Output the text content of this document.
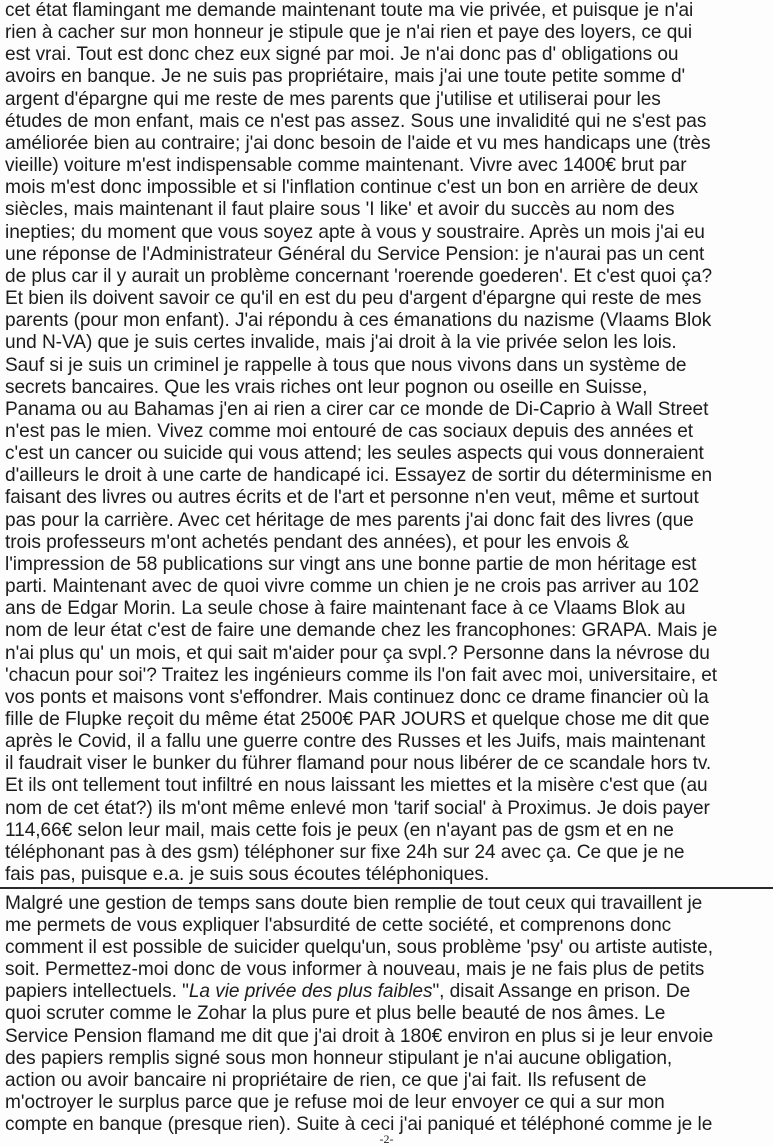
cet état flamingant me demande maintenant toute ma vie privée, et puisque je n'ai
rien à cacher sur mon honneur je stipule que je n'ai rien et paye des loyers, ce qui
est vrai. Tout est donc chez eux signé par moi. Je n'ai donc pas d' obligations ou
avoirs en banque. Je ne suis pas propriétaire, mais j'ai une toute petite somme d'
argent d'épargne qui me reste de mes parents que j'utilise et utiliserai pour les
études de mon enfant, mais ce n'est pas assez. Sous une invalidité qui ne s'est pas
améliorée bien au contraire; j'ai donc besoin de l'aide et vu mes handicaps une (très
vieille) voiture m'est indispensable comme maintenant. Vivre avec 1400€ brut par
mois m'est donc impossible et si l'inflation continue c'est un bon en arrière de deux
siècles, mais maintenant il faut plaire sous 'I like' et avoir du succès au nom des
inepties; du moment que vous soyez apte à vous y soustraire. Après un mois j'ai eu
une réponse de l'Administrateur Général du Service Pension: je n'aurai pas un cent
de plus car il y aurait un problème concernant 'roerende goederen'. Et c'est quoi ça?
Et bien ils doivent savoir ce qu'il en est du peu d'argent d'épargne qui reste de mes
parents (pour mon enfant). J'ai répondu à ces émanations du nazisme (Vlaams Blok
und N-VA) que je suis certes invalide, mais j'ai droit à la vie privée selon les lois.
Sauf si je suis un criminel je rappelle à tous que nous vivons dans un système de
secrets bancaires. Que les vrais riches ont leur pognon ou oseille en Suisse,
Panama ou au Bahamas j'en ai rien a cirer car ce monde de Di-Caprio à Wall Street
n'est pas le mien. Vivez comme moi entouré de cas sociaux depuis des années et
c'est un cancer ou suicide qui vous attend; les seules aspects qui vous donneraient
d'ailleurs le droit à une carte de handicapé ici. Essayez de sortir du déterminisme en
faisant des livres ou autres écrits et de l'art et personne n'en veut, même et surtout
pas pour la carrière. Avec cet héritage de mes parents j'ai donc fait des livres (que
trois professeurs m'ont achetés pendant des années), et pour les envois &
l'impression de 58 publications sur vingt ans une bonne partie de mon héritage est
parti. Maintenant avec de quoi vivre comme un chien je ne crois pas arriver au 102
ans de Edgar Morin. La seule chose à faire maintenant face à ce Vlaams Blok au
nom de leur état c'est de faire une demande chez les francophones: GRAPA. Mais je
n'ai plus qu' un mois, et qui sait m'aider pour ça svpl.? Personne dans la névrose du
'chacun pour soi'? Traitez les ingénieurs comme ils l'on fait avec moi, universitaire, et
vos ponts et maisons vont s'effondrer. Mais continuez donc ce drame financier où la
fille de Flupke reçoit du même état 2500€ PAR JOURS et quelque chose me dit que
après le Covid, il a fallu une guerre contre des Russes et les Juifs, mais maintenant
il faudrait viser le bunker du führer flamand pour nous libérer de ce scandale hors tv.
Et ils ont tellement tout infiltré en nous laissant les miettes et la misère c'est que (au
nom de cet état?) ils m'ont même enlevé mon 'tarif social' à Proximus. Je dois payer
114,66€ selon leur mail, mais cette fois je peux (en n'ayant pas de gsm et en ne
téléphonant pas à des gsm) téléphoner sur fixe 24h sur 24 avec ça. Ce que je ne
fais pas, puisque e.a. je suis sous écoutes téléphoniques.
Malgré une gestion de temps sans doute bien remplie de tout ceux qui travaillent je
me permets de vous expliquer l'absurdité de cette société, et comprenons donc
comment il est possible de suicider quelqu'un, sous problème 'psy' ou artiste autiste,
soit. Permettez-moi donc de vous informer à nouveau, mais je ne fais plus de petits
papiers intellectuels. "La vie privée des plus faibles", disait Assange en prison. De
quoi scruter comme le Zohar la plus pure et plus belle beauté de nos âmes. Le
Service Pension flamand me dit que j'ai droit à 180€ environ en plus si je leur envoie
des papiers remplis signé sous mon honneur stipulant je n'ai aucune obligation,
action ou avoir bancaire ni propriétaire de rien, ce que j'ai fait. Ils refusent de
m'octroyer le surplus parce que je refuse moi de leur envoyer ce qui a sur mon
compte en banque (presque rien). Suite à ceci j'ai paniqué et téléphoné comme je le
-2-
